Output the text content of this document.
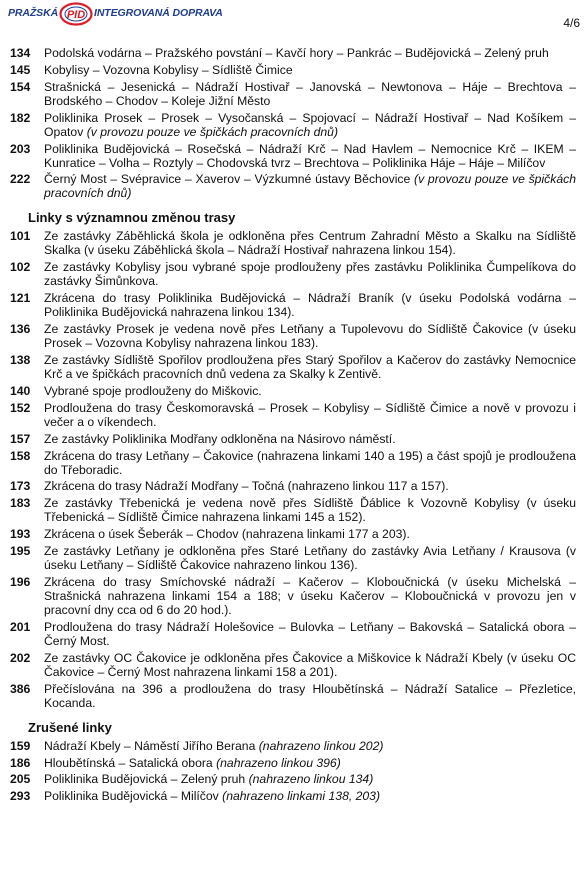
PRAŽSKÁ PID INTEGROVANÁ DOPRAVA
4/6
134	Podolská vodárna – Pražského povstání – Kavčí hory – Pankrác – Budějovická – Zelený pruh
145	Kobylisy – Vozovna Kobylisy – Sídliště Čimice
154	Strašnická – Jesenická – Nádraží Hostivař – Janovská – Newtonova – Háje – Brechtova – Brodského – Chodov – Koleje Jižní Město
182	Poliklinika Prosek – Prosek – Vysočanská – Spojovací – Nádraží Hostivař – Nad Košíkem – Opatov (v provozu pouze ve špičkách pracovních dnů)
203	Poliklinika Budějovická – Rosečská – Nádraží Krč – Nad Havlem – Nemocnice Krč – IKEM – Kunratice – Volha – Roztyly – Chodovská tvrz – Brechtova – Poliklinika Háje – Háje – Milíčov
222	Černý Most – Svépravice – Xaverov – Výzkumné ústavy Běchovice (v provozu pouze ve špičkách pracovních dnů)
Linky s významnou změnou trasy
101	Ze zastávky Záběhlická škola je odkloněna přes Centrum Zahradní Město a Skalku na Sídliště Skalka (v úseku Záběhlická škola – Nádraží Hostivař nahrazena linkou 154).
102	Ze zastávky Kobylisy jsou vybrané spoje prodlouženy přes zastávku Poliklinika Čumpelíkova do zastávky Šimůnkova.
121	Zkrácena do trasy Poliklinika Budějovická – Nádraží Braník (v úseku Podolská vodárna – Poliklinika Budějovická nahrazena linkou 134).
136	Ze zastávky Prosek je vedena nově přes Letňany a Tupolevovu do Sídliště Čakovice (v úseku Prosek – Vozovna Kobylisy nahrazena linkou 183).
138	Ze zastávky Sídliště Spořilov prodloužena přes Starý Spořilov a Kačerov do zastávky Nemocnice Krč a ve špičkách pracovních dnů vedena za Skalky k Zentivě.
140	Vybrané spoje prodlouženy do Miškovic.
152	Prodloužena do trasy Českomoravská – Prosek – Kobylisy – Sídliště Čimice a nově v provozu i večer a o víkendech.
157	Ze zastávky Poliklinika Modřany odkloněna na Násirovo náměstí.
158	Zkrácena do trasy Letňany – Čakovice (nahrazena linkami 140 a 195) a část spojů je prodloužena do Třeboradic.
173	Zkrácena do trasy Nádraží Modřany – Točná (nahrazeno linkou 117 a 157).
183	Ze zastávky Třebenická je vedena nově přes Sídliště Ďáblice k Vozovně Kobylisy (v úseku Třebenická – Sídliště Čimice nahrazena linkami 145 a 152).
193	Zkrácena o úsek Šeberák – Chodov (nahrazena linkami 177 a 203).
195	Ze zastávky Letňany je odkloněna přes Staré Letňany do zastávky Avia Letňany / Krausova (v úseku Letňany – Sídliště Čakovice nahrazeno linkou 136).
196	Zkrácena do trasy Smíchovské nádraží – Kačerov – Kloboučnická (v úseku Michelská – Strašnická nahrazena linkami 154 a 188; v úseku Kačerov – Kloboučnická v provozu jen v pracovní dny cca od 6 do 20 hod.).
201	Prodloužena do trasy Nádraží Holešovice – Bulovka – Letňany – Bakovská – Satalická obora – Černý Most.
202	Ze zastávky OC Čakovice je odkloněna přes Čakovice a Miškovice k Nádraží Kbely (v úseku OC Čakovice – Černý Most nahrazena linkami 158 a 201).
386	Přečíslována na 396 a prodloužena do trasy Hloubětínská – Nádraží Satalice – Přezletice, Kocanda.
Zrušené linky
159	Nádraží Kbely – Náměstí Jiřího Berana (nahrazeno linkou 202)
186	Hloubětínská – Satalická obora (nahrazeno linkou 396)
205	Poliklinika Budějovická – Zelený pruh (nahrazeno linkou 134)
293	Poliklinika Budějovická – Milíčov (nahrazeno linkami 138, 203)
